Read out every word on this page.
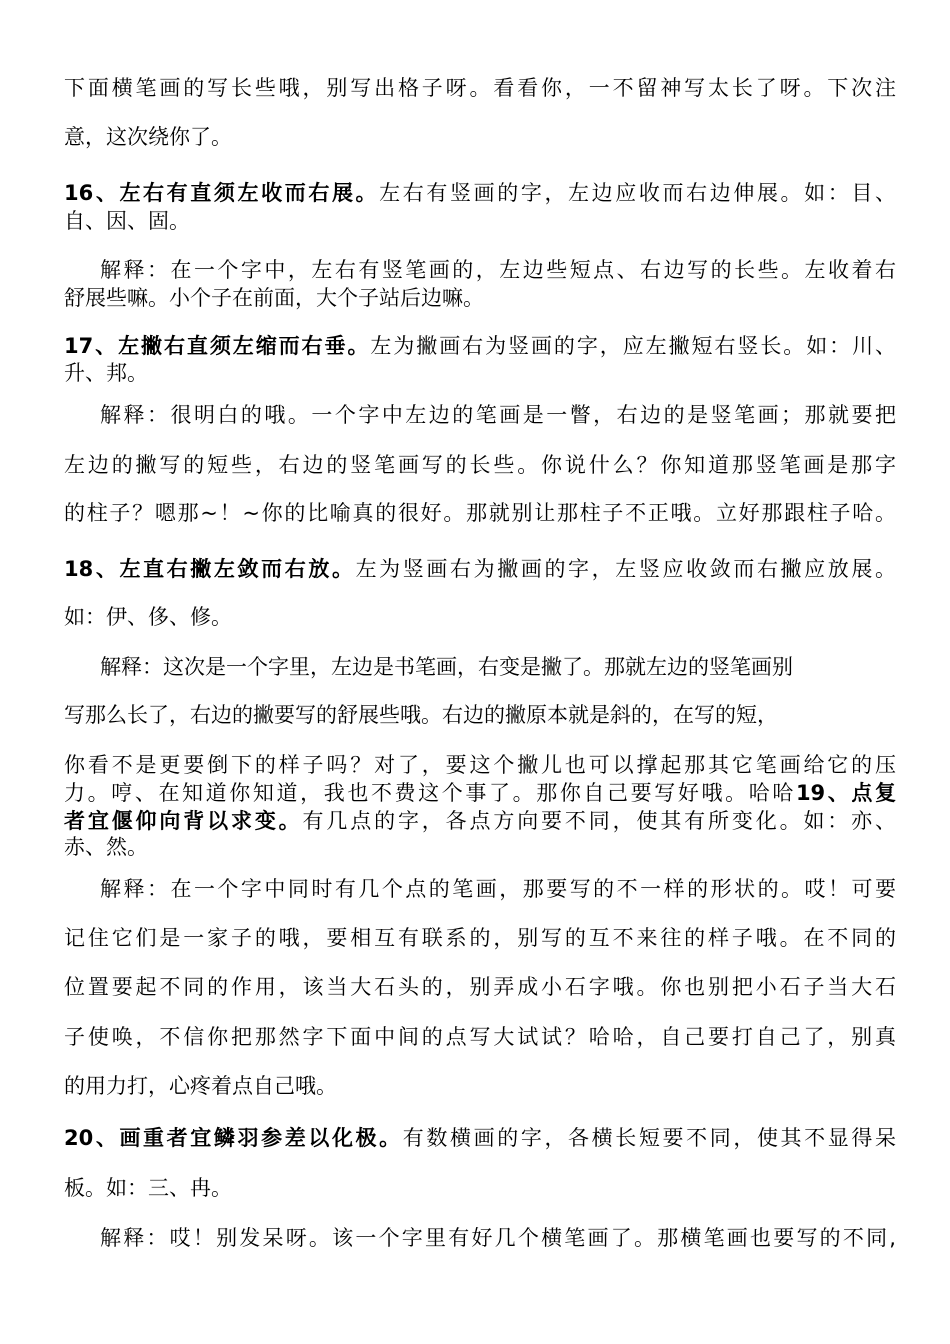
下面横笔画的写长些哦，别写出格子呀。看看你，一不留神写太长了呀。下次注
意，这次绕你了。
16、左右有直须左收而右展。左右有竖画的字，左边应收而右边伸展。如：目、
自、因、固。
解释：在一个字中，左右有竖笔画的，左边些短点、右边写的长些。左收着右
舒展些嘛。小个子在前面，大个子站后边嘛。
17、左撇右直须左缩而右垂。左为撇画右为竖画的字，应左撇短右竖长。如：川、
升、邦。
解释：很明白的哦。一个字中左边的笔画是一瞥，右边的是竖笔画；那就要把
左边的撇写的短些，右边的竖笔画写的长些。你说什么？你知道那竖笔画是那字
的柱子？嗯那~！~你的比喻真的很好。那就别让那柱子不正哦。立好那跟柱子哈。
18、左直右撇左敛而右放。左为竖画右为撇画的字，左竖应收敛而右撇应放展。
如：伊、侈、修。
解释：这次是一个字里，左边是书笔画，右变是撇了。那就左边的竖笔画别
写那么长了，右边的撇要写的舒展些哦。右边的撇原本就是斜的，在写的短，
你看不是更要倒下的样子吗？对了，要这个撇儿也可以撑起那其它笔画给它的压
力。哼、在知道你知道，我也不费这个事了。那你自己要写好哦。哈哈19、点复
者宜偃仰向背以求变。有几点的字，各点方向要不同，使其有所变化。如：亦、
赤、然。
解释：在一个字中同时有几个点的笔画，那要写的不一样的形状的。哎！可要
记住它们是一家子的哦，要相互有联系的，别写的互不来往的样子哦。在不同的
位置要起不同的作用，该当大石头的，别弄成小石字哦。你也别把小石子当大石
子使唤，不信你把那然字下面中间的点写大试试？哈哈，自己要打自己了，别真
的用力打，心疼着点自己哦。
20、画重者宜鳞羽参差以化极。有数横画的字，各横长短要不同，使其不显得呆
板。如：三、冉。
解释：哎！别发呆呀。该一个字里有好几个横笔画了。那横笔画也要写的不同,
